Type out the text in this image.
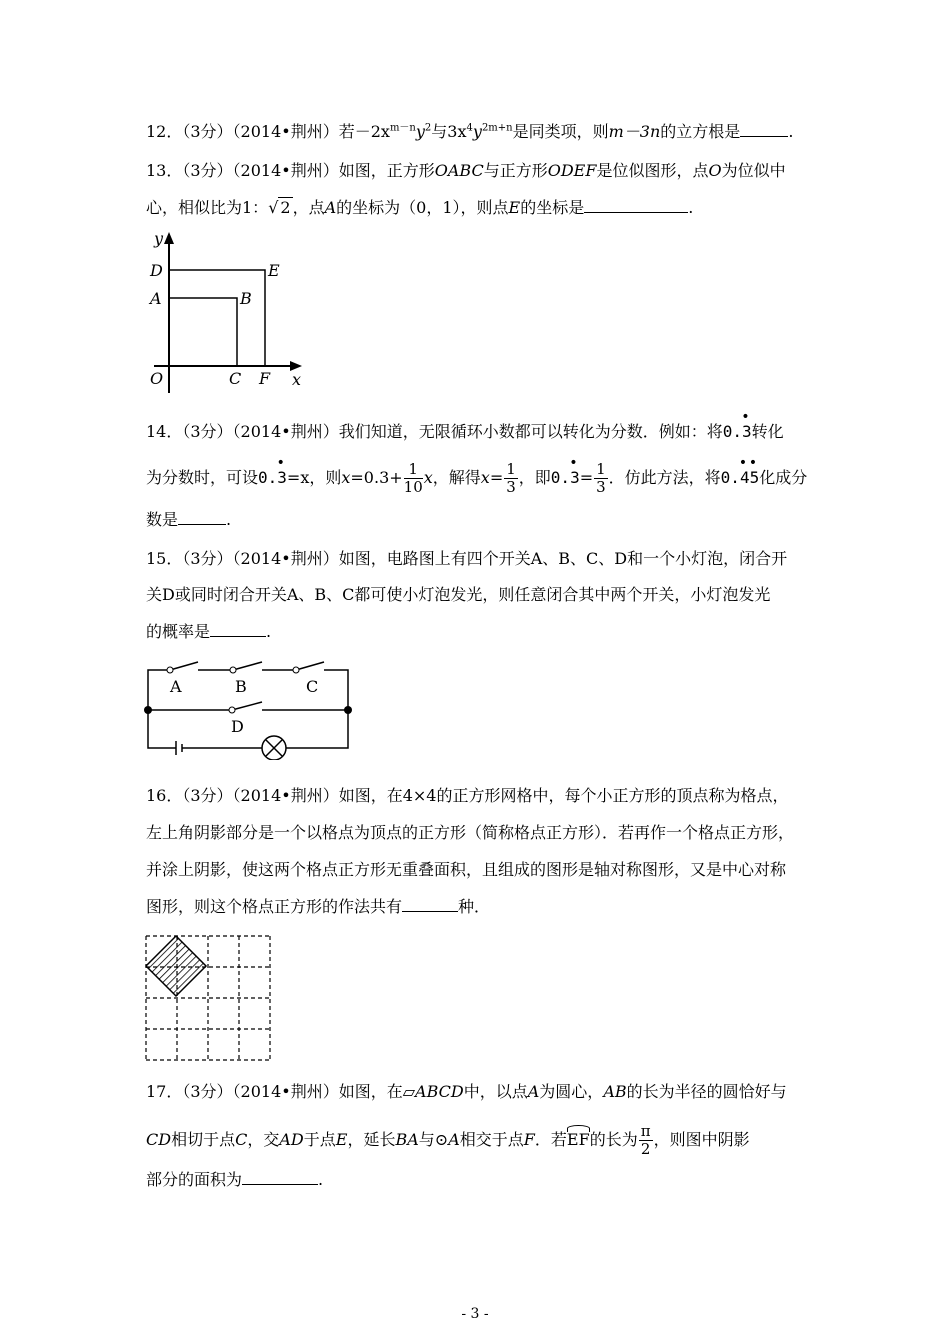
12．（3分）（2014•荆州）若$-2x^{m-n}y^2$与$3x^4y^{2m+n}$是同类项，则m－3n的立方根是	.
13．（3分）（2014•荆州）如图，正方形OABC与正方形ODEF是位似图形，点O为位似中
心，相似比为1：√ 2 ，点A的坐标为（0，1），则点E的坐标是	.
y
x
D
A
E
B
O	C F
14．（3分）（2014•荆州）我们知道，无限循环小数都可以转化为分数．例如：将0.3
•
转化
为分数时，可设0.3
•
=x，则$x=0.3+ \frac{1}{10}$ x，解得$x= \frac{1}{3}$ ，即0.3
•
= $\frac{1}{3}$ ．仿此方法，将0.45
• •
化成分
数是	.
15．（3分）（2014•荆州）如图，电路图上有四个开关A、B、C、D和一个小灯泡，闭合开
关D或同时闭合开关A、B、C都可使小灯泡发光，则任意闭合其中两个开关，小灯泡发光
的概率是	.
A	B	C
D
16．（3分）（2014•荆州）如图，在4×4的正方形网格中，每个小正方形的顶点称为格点，
左上角阴影部分是一个以格点为顶点的正方形（简称格点正方形）．若再作一个格点正方形，
并涂上阴影，使这两个格点正方形无重叠面积，且组成的图形是轴对称图形，又是中心对称
图形，则这个格点正方形的作法共有	种．
17．（3分）（2014•荆州）如图，在▱ABCD中，以点A为圆心，AB的长为半径的圆恰好与
CD相切于点C，交AD于点E，延长BA与⊙A相交于点F．若EF的长为 $\frac{\pi}{2}$ ，则图中阴影
部分的面积为	.
- 3 -
